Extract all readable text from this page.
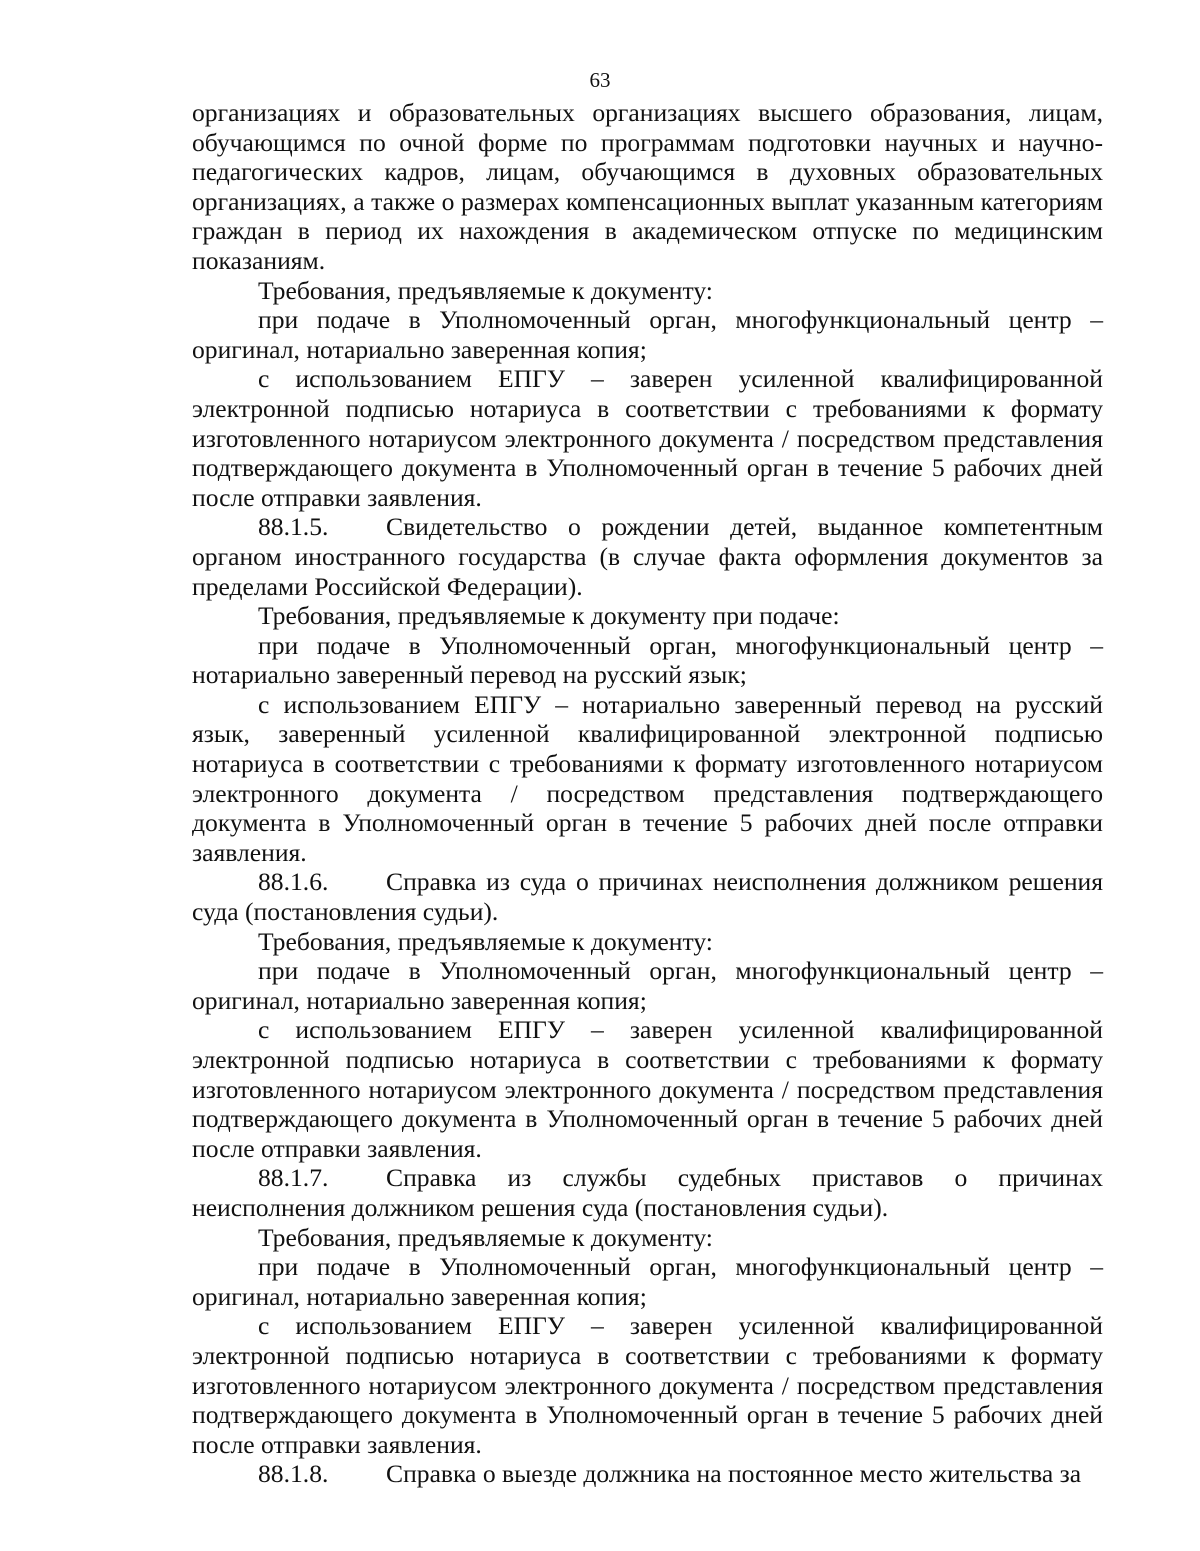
63

организациях и образовательных организациях высшего образования, лицам, обучающимся по очной форме по программам подготовки научных и научно-педагогических кадров, лицам, обучающимся в духовных образовательных организациях, а также о размерах компенсационных выплат указанным категориям граждан в период их нахождения в академическом отпуске по медицинским показаниям.

Требования, предъявляемые к документу:

при подаче в Уполномоченный орган, многофункциональный центр – оригинал, нотариально заверенная копия;

с использованием ЕПГУ – заверен усиленной квалифицированной электронной подписью нотариуса в соответствии с требованиями к формату изготовленного нотариусом электронного документа / посредством представления подтверждающего документа в Уполномоченный орган в течение 5 рабочих дней после отправки заявления.

88.1.5. Свидетельство о рождении детей, выданное компетентным органом иностранного государства (в случае факта оформления документов за пределами Российской Федерации).

Требования, предъявляемые к документу при подаче:

при подаче в Уполномоченный орган, многофункциональный центр – нотариально заверенный перевод на русский язык;

с использованием ЕПГУ – нотариально заверенный перевод на русский язык, заверенный усиленной квалифицированной электронной подписью нотариуса в соответствии с требованиями к формату изготовленного нотариусом электронного документа / посредством представления подтверждающего документа в Уполномоченный орган в течение 5 рабочих дней после отправки заявления.

88.1.6. Справка из суда о причинах неисполнения должником решения суда (постановления судьи).

Требования, предъявляемые к документу:

при подаче в Уполномоченный орган, многофункциональный центр – оригинал, нотариально заверенная копия;

с использованием ЕПГУ – заверен усиленной квалифицированной электронной подписью нотариуса в соответствии с требованиями к формату изготовленного нотариусом электронного документа / посредством представления подтверждающего документа в Уполномоченный орган в течение 5 рабочих дней после отправки заявления.

88.1.7. Справка из службы судебных приставов о причинах неисполнения должником решения суда (постановления судьи).

Требования, предъявляемые к документу:

при подаче в Уполномоченный орган, многофункциональный центр – оригинал, нотариально заверенная копия;

с использованием ЕПГУ – заверен усиленной квалифицированной электронной подписью нотариуса в соответствии с требованиями к формату изготовленного нотариусом электронного документа / посредством представления подтверждающего документа в Уполномоченный орган в течение 5 рабочих дней после отправки заявления.

88.1.8. Справка о выезде должника на постоянное место жительства за
